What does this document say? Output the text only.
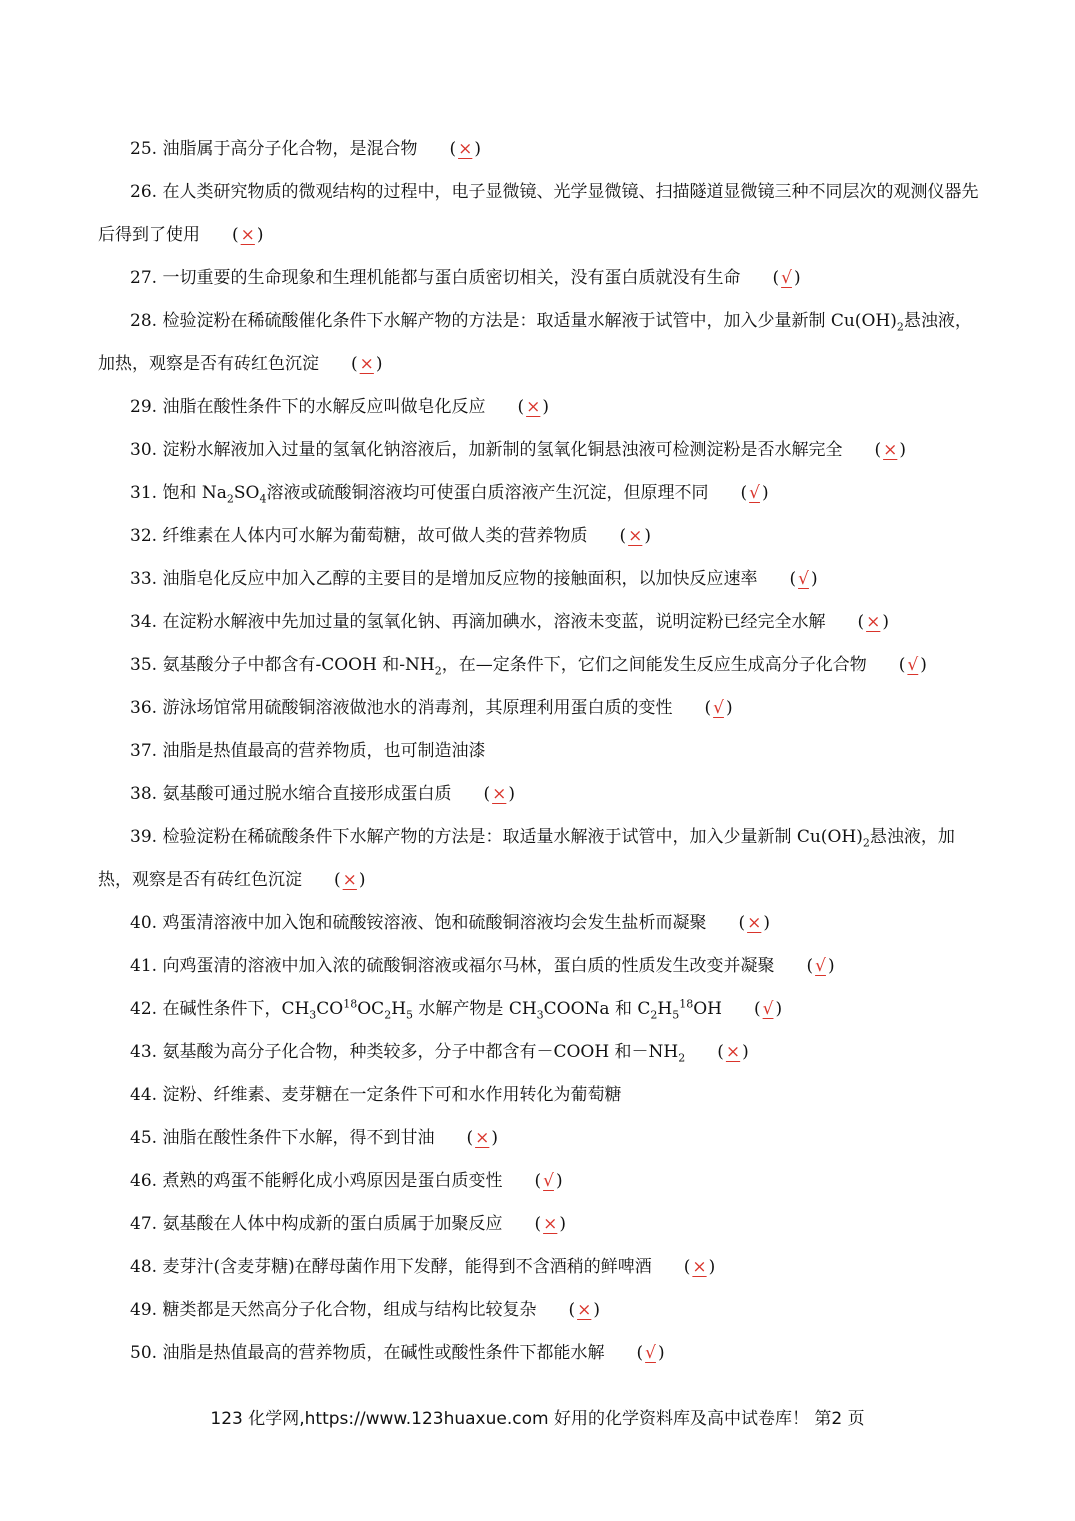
25. 油脂属于高分子化合物，是混合物 ( × )

26. 在人类研究物质的微观结构的过程中，电子显微镜、光学显微镜、扫描隧道显微镜三种不同层次的观测仪器先后得到了使用 ( × )

27. 一切重要的生命现象和生理机能都与蛋白质密切相关，没有蛋白质就没有生命 ( √ )

28. 检验淀粉在稀硫酸催化条件下水解产物的方法是：取适量水解液于试管中，加入少量新制 $Cu(OH)_2$悬浊液，加热，观察是否有砖红色沉淀 ( × )

29. 油脂在酸性条件下的水解反应叫做皂化反应 ( × )

30. 淀粉水解液加入过量的氢氧化钠溶液后，加新制的氢氧化铜悬浊液可检测淀粉是否水解完全 ( × )

31. 饱和 $Na_2SO_4$溶液或硫酸铜溶液均可使蛋白质溶液产生沉淀，但原理不同 ( √ )

32. 纤维素在人体内可水解为葡萄糖，故可做人类的营养物质 ( × )

33. 油脂皂化反应中加入乙醇的主要目的是增加反应物的接触面积，以加快反应速率 ( √ )

34. 在淀粉水解液中先加过量的氢氧化钠、再滴加碘水，溶液未变蓝，说明淀粉已经完全水解 ( × )

35. 氨基酸分子中都含有-COOH 和$-NH_2$，在—定条件下，它们之间能发生反应生成高分子化合物 ( √ )

36. 游泳场馆常用硫酸铜溶液做池水的消毒剂，其原理利用蛋白质的变性 ( √ )

37. 油脂是热值最高的营养物质，也可制造油漆

38. 氨基酸可通过脱水缩合直接形成蛋白质 ( × )

39. 检验淀粉在稀硫酸条件下水解产物的方法是：取适量水解液于试管中，加入少量新制 $Cu(OH)_2$悬浊液，加热，观察是否有砖红色沉淀 ( × )

40. 鸡蛋清溶液中加入饱和硫酸铵溶液、饱和硫酸铜溶液均会发生盐析而凝聚 ( × )

41. 向鸡蛋清的溶液中加入浓的硫酸铜溶液或福尔马林，蛋白质的性质发生改变并凝聚 ( √ )

42. 在碱性条件下，$CH_3CO^{18}OC_2H_5$ 水解产物是 $CH_3COONa$ 和 $C_2H_5^{18}OH$ ( √ )

43. 氨基酸为高分子化合物，种类较多，分子中都含有－COOH 和$-NH_2$ ( × )

44. 淀粉、纤维素、麦芽糖在一定条件下可和水作用转化为葡萄糖

45. 油脂在酸性条件下水解，得不到甘油 ( × )

46. 煮熟的鸡蛋不能孵化成小鸡原因是蛋白质变性 ( √ )

47. 氨基酸在人体中构成新的蛋白质属于加聚反应 ( × )

48. 麦芽汁(含麦芽糖)在酵母菌作用下发酵，能得到不含酒稍的鲜啤酒 ( × )

49. 糖类都是天然高分子化合物，组成与结构比较复杂 ( × )

50. 油脂是热值最高的营养物质，在碱性或酸性条件下都能水解 ( √ )

123 化学网,https://www.123huaxue.com 好用的化学资料库及高中试卷库！ 第2 页
